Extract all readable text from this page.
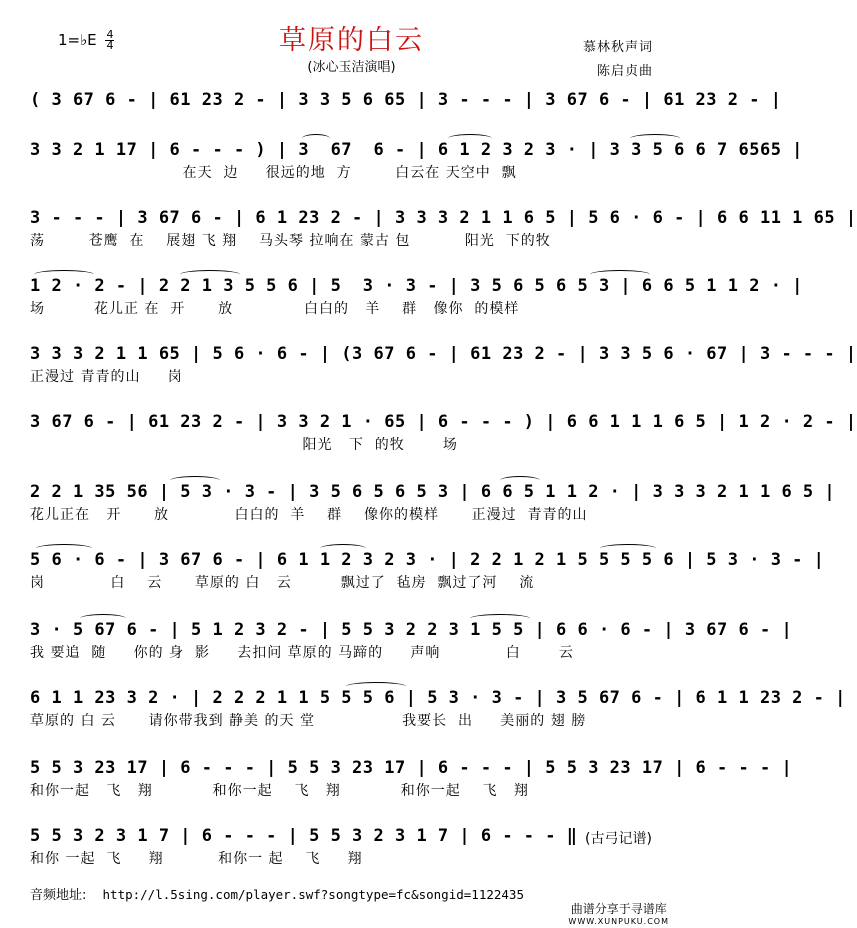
1=♭E $\frac{4}{4}$	草原的白云
(冰心玉洁演唱)
慕林秋声词
陈启贞曲
( 3 67 6 - | 61 23 2 - | 3 3 5 6 65 | 3 - - - | 3 67 6 - | 61 23 2 - |
3 3 2 1 17 | 6 - - - ) | 3  67  6 - | 6 1 2 3 2 3 · | 3 3 5 6 6 7 6565 |
在天  边     很远的地  方        白云在 天空中  飘
3 - - - | 3 67 6 - | 6 1 23 2 - | 3 3 3 2 1 1 6 5 | 5 6 · 6 - | 6 6 11 1 65 |
荡        苍鹰  在    展翅 飞 翔    马头琴 拉响在 蒙古 包          阳光  下的牧
1 2 · 2 - | 2 2 1 3 5 5 6 | 5  3 · 3 - | 3 5 6 5 6 5 3 | 6 6 5 1 1 2 · |
场         花儿正 在  开      放             白白的   羊    群   像你  的模样
3 3 3 2 1 1 65 | 5 6 · 6 - | (3 67 6 - | 61 23 2 - | 3 3 5 6 · 67 | 3 - - - |
正漫过 青青的山     岗
3 67 6 - | 61 23 2 - | 3 3 2 1 · 65 | 6 - - - ) | 6 6 1 1 1 6 5 | 1 2 · 2 - |
阳光   下  的牧       场
2 2 1 35 56 | 5 3 · 3 - | 3 5 6 5 6 5 3 | 6 6 5 1 1 2 · | 3 3 3 2 1 1 6 5 |
花儿正在   开      放            白白的  羊    群    像你的模样      正漫过  青青的山
5 6 · 6 - | 3 67 6 - | 6 1 1 2 3 2 3 · | 2 2 1 2 1 5 5 5 5 6 | 5 3 · 3 - |
岗            白    云      草原的 白   云         飘过了  毡房  飘过了河    流
3 · 5 67 6 - | 5 1 2 3 2 - | 5 5 3 2 2 3 1 5 5 | 6 6 · 6 - | 3 67 6 - |
我 要追  随     你的 身  影     去扣问 草原的 马蹄的     声响            白       云
6 1 1 23 3 2 · | 2 2 2 1 1 5 5 5 6 | 5 3 · 3 - | 3 5 67 6 - | 6 1 1 23 2 - |
草原的 白 云      请你带我到 静美 的天 堂                我要长  出     美丽的 翅 膀
5 5 3 23 17 | 6 - - - | 5 5 3 23 17 | 6 - - - | 5 5 3 23 17 | 6 - - - |
和你一起   飞   翔           和你一起    飞   翔           和你一起    飞   翔
5 5 3 2 3 1 7 | 6 - - - | 5 5 3 2 3 1 7 | 6 - - - ‖
和你 一起  飞     翔          和你一 起    飞     翔
(古弓记谱)
音频地址: http://l.5sing.com/player.swf?songtype=fc&songid=1122435
曲谱分享于寻谱库
WWW.XUNPUKU.COM
